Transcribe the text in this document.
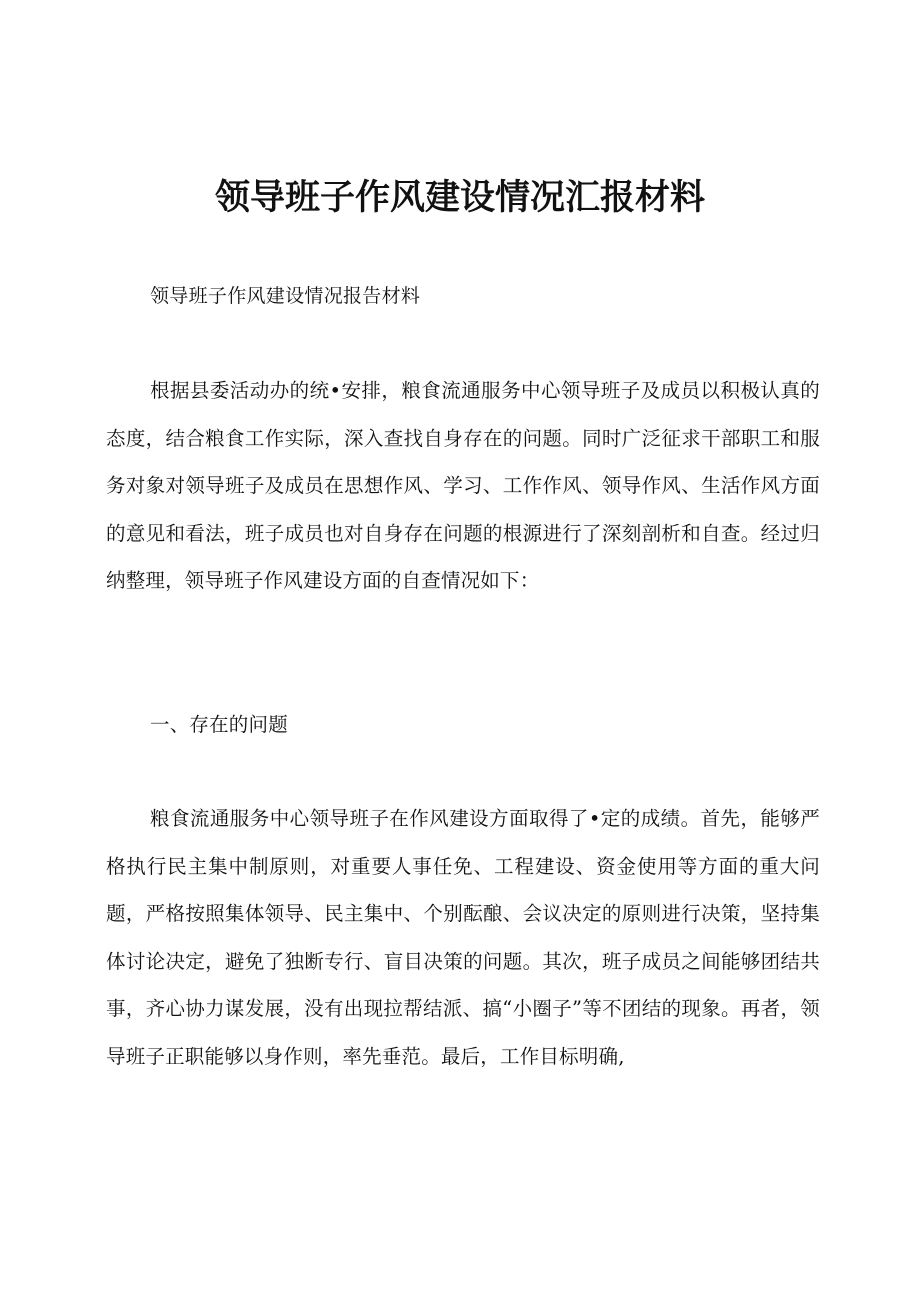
领导班子作风建设情况汇报材料

领导班子作风建设情况报告材料

根据县委活动办的统•安排，粮食流通服务中心领导班子及成员以积极认真的态度，结合粮食工作实际，深入查找自身存在的问题。同时广泛征求干部职工和服务对象对领导班子及成员在思想作风、学习、工作作风、领导作风、生活作风方面的意见和看法，班子成员也对自身存在问题的根源进行了深刻剖析和自查。经过归纳整理，领导班子作风建设方面的自查情况如下：

一、存在的问题

粮食流通服务中心领导班子在作风建设方面取得了•定的成绩。首先，能够严格执行民主集中制原则，对重要人事任免、工程建设、资金使用等方面的重大问题，严格按照集体领导、民主集中、个别酝酿、会议决定的原则进行决策，坚持集体讨论决定，避免了独断专行、盲目决策的问题。其次，班子成员之间能够团结共事，齐心协力谋发展，没有出现拉帮结派、搞“小圈子”等不团结的现象。再者，领导班子正职能够以身作则，率先垂范。最后，工作目标明确,
